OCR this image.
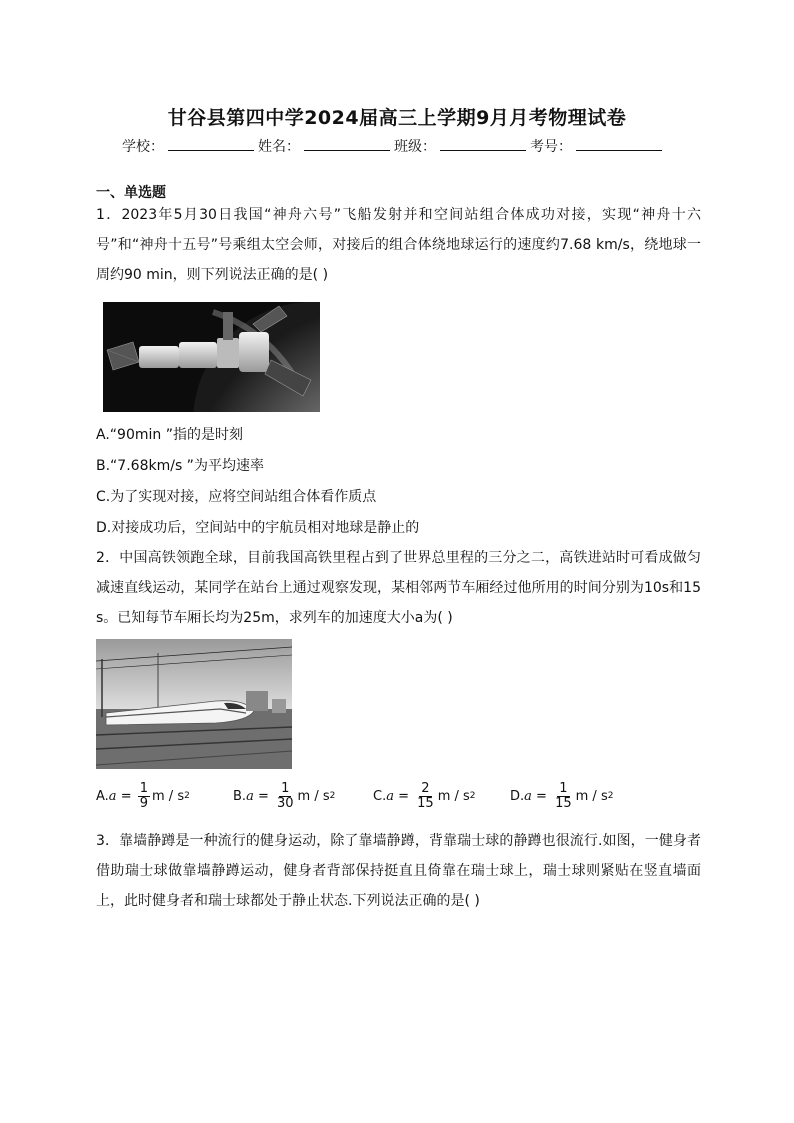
甘谷县第四中学2024届高三上学期9月月考物理试卷
学校：	姓名：	班级：	考号：
一、单选题
1．2023年5月30日我国“神舟六号”飞船发射并和空间站组合体成功对接，实现“神舟十六号”和“神舟十五号”号乘组太空会师，对接后的组合体绕地球运行的速度约7.68 km/s，绕地球一周约90 min，则下列说法正确的是( )
A.“90min ”指的是时刻
B.“7.68km/s ”为平均速率
C.为了实现对接，应将空间站组合体看作质点
D.对接成功后，空间站中的宇航员相对地球是静止的
2．中国高铁领跑全球，目前我国高铁里程占到了世界总里程的三分之二，高铁进站时可看成做匀减速直线运动，某同学在站台上通过观察发现，某相邻两节车厢经过他所用的时间分别为10s和15s。已知每节车厢长均为25m，求列车的加速度大小a为( )
A. $a = \frac{1}{9}$ m / s 2	B. $a = \frac{1}{30}$ m / s 2	C. $a = \frac{2}{15}$ m / s 2	D. $a = \frac{1}{15}$ m / s 2
3．靠墙静蹲是一种流行的健身运动，除了靠墙静蹲，背靠瑞士球的静蹲也很流行.如图，一健身者借助瑞士球做靠墙静蹲运动，健身者背部保持挺直且倚靠在瑞士球上，瑞士球则紧贴在竖直墙面上，此时健身者和瑞士球都处于静止状态.下列说法正确的是( )
